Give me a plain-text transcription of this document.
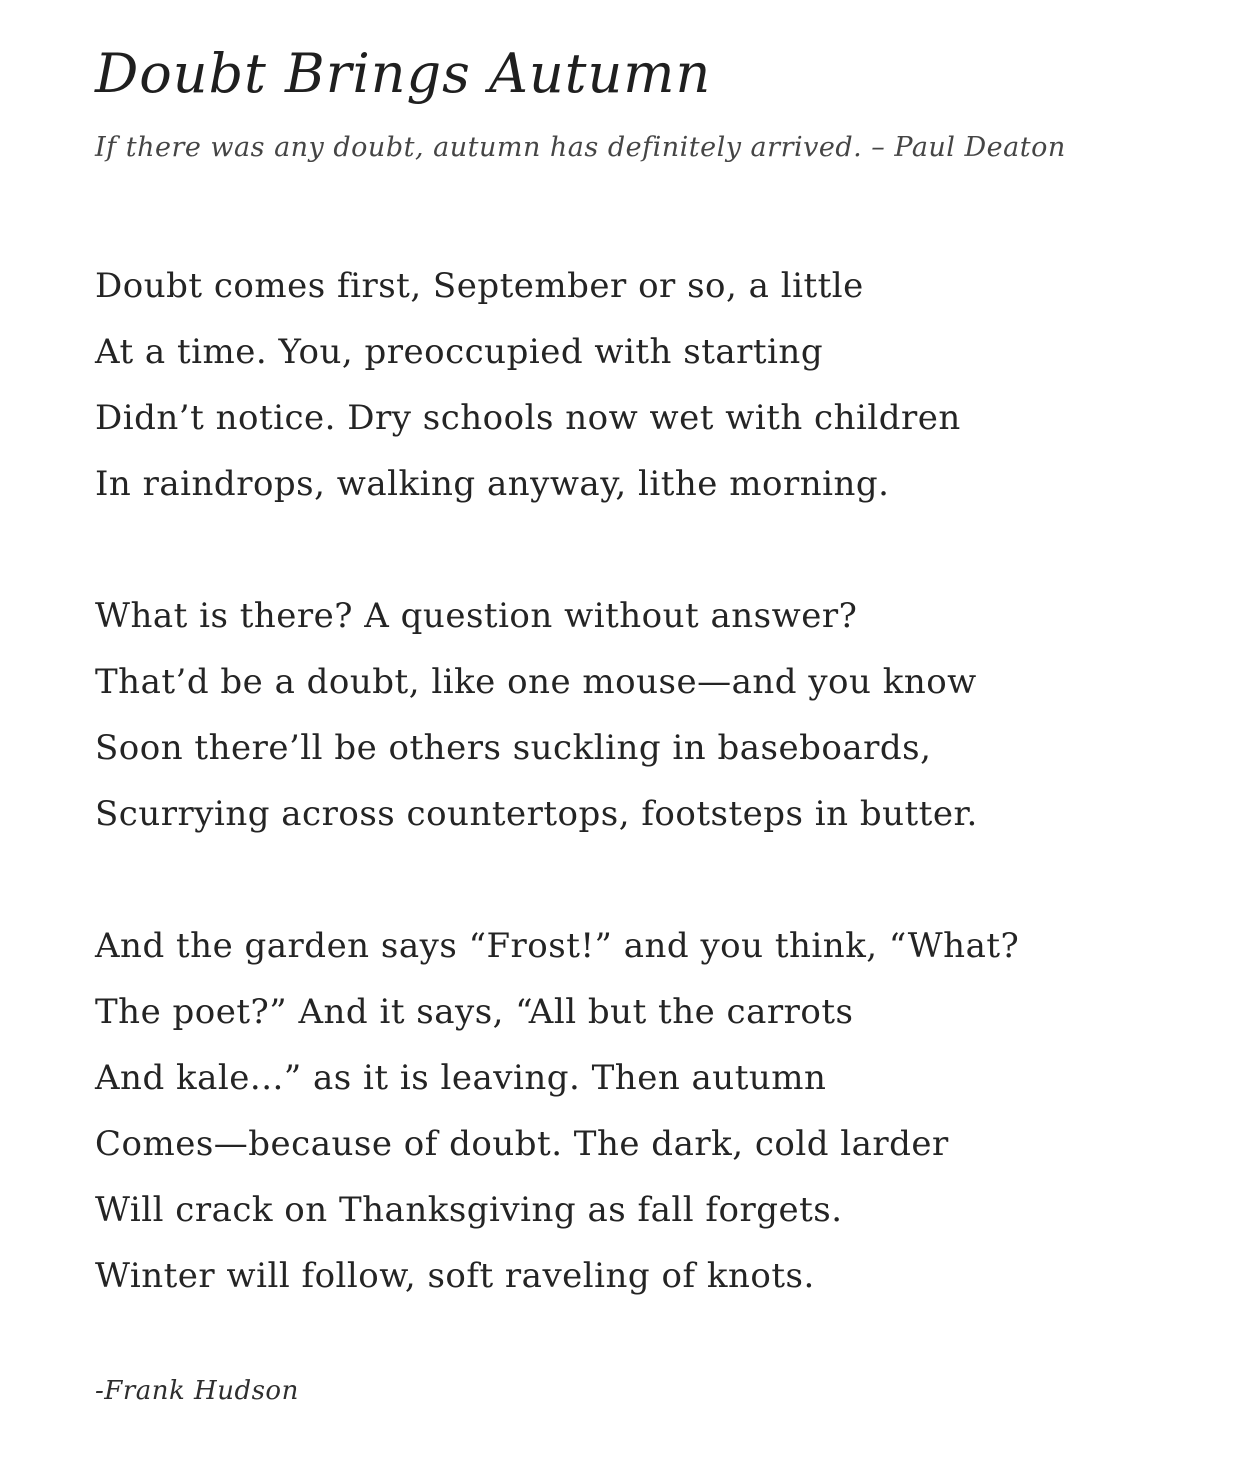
Doubt Brings Autumn

If there was any doubt, autumn has definitely arrived. – Paul Deaton

Doubt comes first, September or so, a little

At a time. You, preoccupied with starting

Didn’t notice. Dry schools now wet with children

In raindrops, walking anyway, lithe morning.

What is there? A question without answer?

That’d be a doubt, like one mouse—and you know

Soon there’ll be others suckling in baseboards,

Scurrying across countertops, footsteps in butter.

And the garden says “Frost!” and you think, “What?

The poet?” And it says, “All but the carrots

And kale...” as it is leaving. Then autumn

Comes—because of doubt. The dark, cold larder

Will crack on Thanksgiving as fall forgets.

Winter will follow, soft raveling of knots.

-Frank Hudson
